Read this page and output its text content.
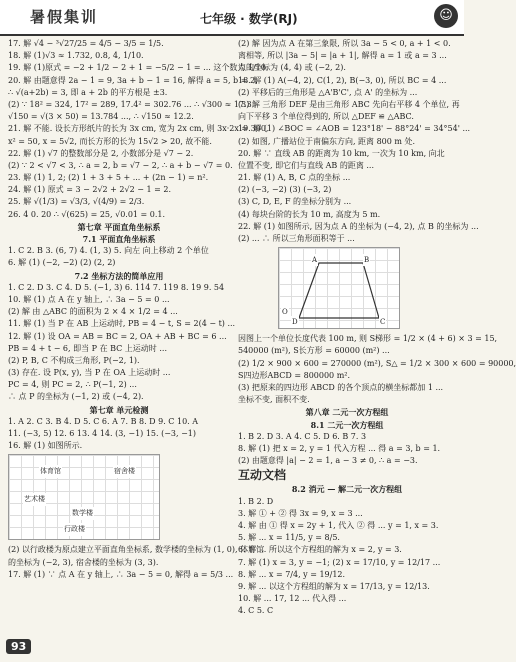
暑假集训	七年级 · 数学(RJ)	☺
17. 解 √4 − ³√27/25 = 4/5 − 3/5 = 1/5.
18. 解 (1)√3 ≈ 1.732, 0.8, 4, 1/10.
19. 解 (1)原式 = −2 + 1/2 − 2 + 1 = −5/2 − 1 = ... 这个数为 1/10.
20. 解 由题意得 2a − 1 = 9, 3a + b − 1 = 16, 解得 a = 5, b = 2,
∴ √(a+2b) = 3, 即 a + 2b 的平方根是 ±3.
(2) ∵ 18² = 324, 17² = 289, 17.4² = 302.76 ... ∴ √300 ≈ 17.3.
√150 = √(3 × 50) = 13.784 ..., ∴ √150 ≈ 12.2.
21. 解 不能. 设长方形纸片的长为 3x cm, 宽为 2x cm, 则 3x·2x = 300,
x² = 50, x = 5√2, 而长方形的长为 15√2 > 20, 故不能.
22. 解 (1) √7 的整数部分是 2, 小数部分是 √7 − 2.
(2) ∵ 2 < √7 < 3, ∴ a = 2, b = √7 − 2, ∴ a + b − √7 = 0.
23. 解 (1) 1, 2; (2) 1 + 3 + 5 + ... + (2n − 1) = n².
24. 解 (1) 原式 = 3 − 2√2 + 2√2 − 1 = 2.
25. 解 √(1/3) = √3/3, √(4/9) = 2/3.
26. 4 0. 20 ∴ √(625) = 25, √0.01 = 0.1.
第七章 平面直角坐标系
7.1 平面直角坐标系
1. C 2. B 3. (6, 7) 4. (1, 3) 5. 向左 向上移动 2 个单位
6. 解 (1) (−2, −2) (2) (2, 2)
7.2 坐标方法的简单应用
1. C 2. D 3. C 4. D 5. (−1, 3) 6. 114 7. 119 8. 19 9. 54
10. 解 (1) 点 A 在 y 轴上, ∴ 3a − 5 = 0 ...
(2) 解 由 △ABC 的面积为 2 × 4 × 1/2 = 4 ...
11. 解 (1) 当 P 在 AB 上运动时, PB = 4 − t, S = 2(4 − t) ...
12. 解 (1) 设 OA = AB = BC = 2, OA + AB + BC = 6 ...
PB = 4 + t − 6, 即当 P 在 BC 上运动时 ...
(2) P, B, C 不构成三角形, P(−2, 1).
(3) 存在. 设 P(x, y), 当 P 在 OA 上运动时 ...
PC = 4, 则 PC = 2, ∴ P(−1, 2) ...
∴ 点 P 的坐标为 (−1, 2) 或 (−4, 2).
第七章 单元检测
1. A 2. C 3. B 4. D 5. C 6. A 7. B 8. D 9. C 10. A
11. (−3, 5) 12. 6 13. 4 14. (3, −1) 15. (−3, −1)
16. 解 (1) 如图所示.
体育馆	宿舍楼
艺术楼
数学楼
行政楼
(2) 以行政楼为原点建立平面直角坐标系, 数学楼的坐标为 (1, 0), 体育馆
的坐标为 (−2, 3), 宿舍楼的坐标为 (3, 3).
17. 解 (1) ∵ 点 A 在 y 轴上, ∴ 3a − 5 = 0, 解得 a = 5/3 ...
(2) 解 因为点 A 在第三象限, 所以 3a − 5 < 0, a + 1 < 0.
离相等, 所以 |3a − 5| = |a + 1|, 解得 a = 1 或 a = 3 ...
点的坐标为 (4, 4) 或 (−2, 2).
18. 解 (1) A(−4, 2), C(1, 2), B(−3, 0), 所以 BC = 4 ...
(2) 平移后的三角形是 △A'B'C', 点 A' 的坐标为 ...
(3) 解 三角形 DEF 是由三角形 ABC 先向右平移 4 个单位, 再
向下平移 3 个单位得到的, 所以 △DEF ≌ △ABC.
19. 解 (1) ∠BOC = ∠AOB = 123°18' − 88°24' = 34°54' ...
(2) 如图, 广播站位于南偏东方向, 距离 800 m 处.
20. 解 ∵ 直线 AB 的距离为 10 km, 一次为 10 km, 向北
位置不变, 即它们与直线 AB 的距离 ...
21. 解 (1) A, B, C 点的坐标 ...
(2) (−3, −2) (3) (−3, 2)
(3) C, D, E, F 的坐标分别为 ...
(4) 每块台阶的长为 10 m, 高度为 5 m.
22. 解 (1) 如图所示, 因为点 A 的坐标为 (−4, 2), 点 B 的坐标为 ...
(2) ... ∴ 所以三角形面积等于 ...
A	B
C
D
O
因图上一个单位长度代表 100 m, 则 S梯形 = 1/2 × (4 + 6) × 3 = 15,
540000 (m²), S长方形 = 60000 (m²) ...
(2) 1/2 × 900 × 600 = 270000 (m²), S△ = 1/2 × 300 × 600 = 90000,
S四边形ABCD = 800000 m².
(3) 把原来的四边形 ABCD 的各个顶点的横坐标都加 1 ...
坐标不变, 面积不变.
第八章 二元一次方程组
8.1 二元一次方程组
1. B 2. D 3. A 4. C 5. D 6. B 7. 3
8. 解 (1) 把 x = 2, y = 1 代入方程 ... 得 a = 3, b = 1.
(2) 由题意得 |a| − 2 = 1, a − 3 ≠ 0, ∴ a = −3.
互动文档
8.2 消元 — 解二元一次方程组
1. B 2. D
3. 解 ① + ② 得 3x = 9, x = 3 ...
4. 解 由 ① 得 x = 2y + 1, 代入 ② 得 ... y = 1, x = 3.
5. 解 ... x = 11/5, y = 8/5.
6. 解 ... 所以这个方程组的解为 x = 2, y = 3.
7. 解 (1) x = 3, y = −1; (2) x = 17/10, y = 12/17 ...
8. 解 ... x = 7/4, y = 19/12.
9. 解 ... 以这个方程组的解为 x = 17/13, y = 12/13.
10. 解 ... 17, 12 ... 代入得 ...
4. C 5. C
93
